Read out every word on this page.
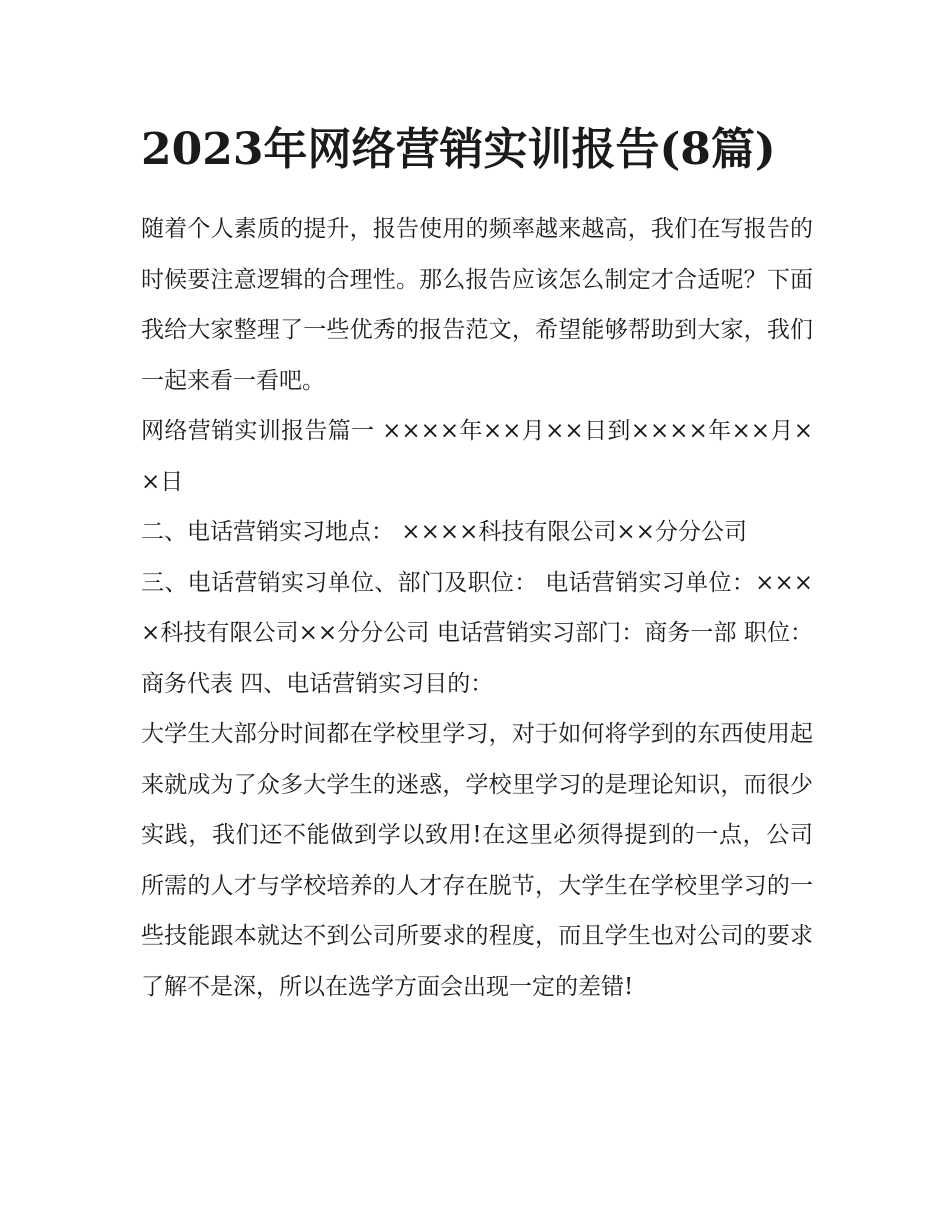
2023年网络营销实训报告(8篇)

随着个人素质的提升，报告使用的频率越来越高，我们在写报告的时候要注意逻辑的合理性。那么报告应该怎么制定才合适呢？下面我给大家整理了一些优秀的报告范文，希望能够帮助到大家，我们一起来看一看吧。

网络营销实训报告篇一 ××××年××月××日到××××年××月××日

二、电话营销实习地点： ××××科技有限公司××分分公司

三、电话营销实习单位、部门及职位： 电话营销实习单位：××××科技有限公司××分分公司 电话营销实习部门：商务一部 职位：商务代表 四、电话营销实习目的：

大学生大部分时间都在学校里学习，对于如何将学到的东西使用起来就成为了众多大学生的迷惑，学校里学习的是理论知识，而很少实践，我们还不能做到学以致用!在这里必须得提到的一点，公司所需的人才与学校培养的人才存在脱节，大学生在学校里学习的一些技能跟本就达不到公司所要求的程度，而且学生也对公司的要求了解不是深，所以在选学方面会出现一定的差错!
